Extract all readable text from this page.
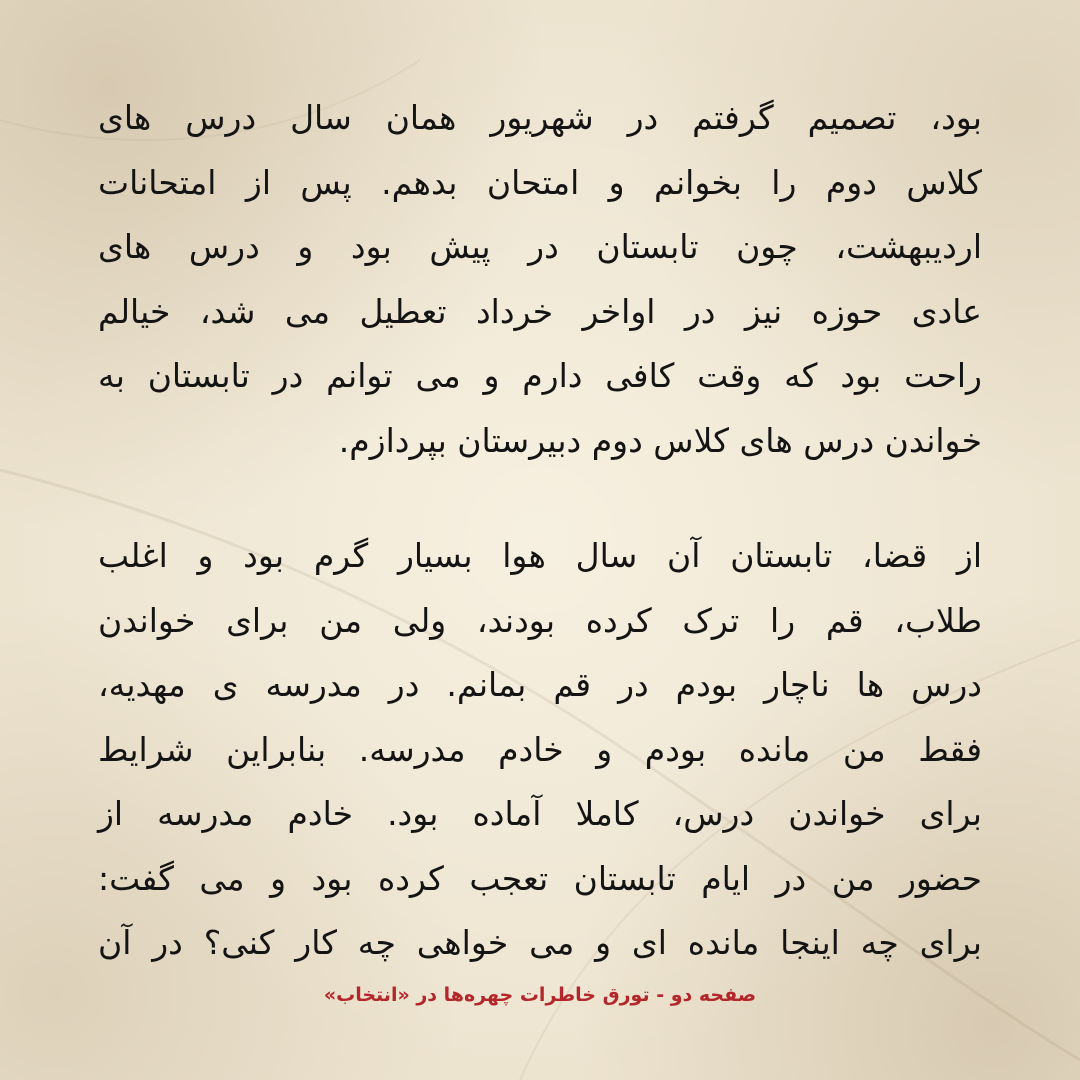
بود، تصمیم گرفتم در شهریور همان سال درس های
کلاس دوم را بخوانم و امتحان بدهم. پس از امتحانات
اردیبهشت، چون تابستان در پیش بود و درس های
عادی حوزه نیز در اواخر خرداد تعطیل می شد، خیالم
راحت بود که وقت کافی دارم و می توانم در تابستان به
خواندن درس های کلاس دوم دبیرستان بپردازم.

از قضا، تابستان آن سال هوا بسیار گرم بود و اغلب
طلاب، قم را ترک کرده بودند، ولی من برای خواندن
درس ها ناچار بودم در قم بمانم. در مدرسه ی مهدیه،
فقط من مانده بودم و خادم مدرسه. بنابراین شرایط
برای خواندن درس، کاملا آماده بود. خادم مدرسه از
حضور من در ایام تابستان تعجب کرده بود و می گفت:
برای چه اینجا مانده ای و می خواهی چه کار کنی؟ در آن

صفحه دو - تورق خاطرات چهره‌ها در «انتخاب»
